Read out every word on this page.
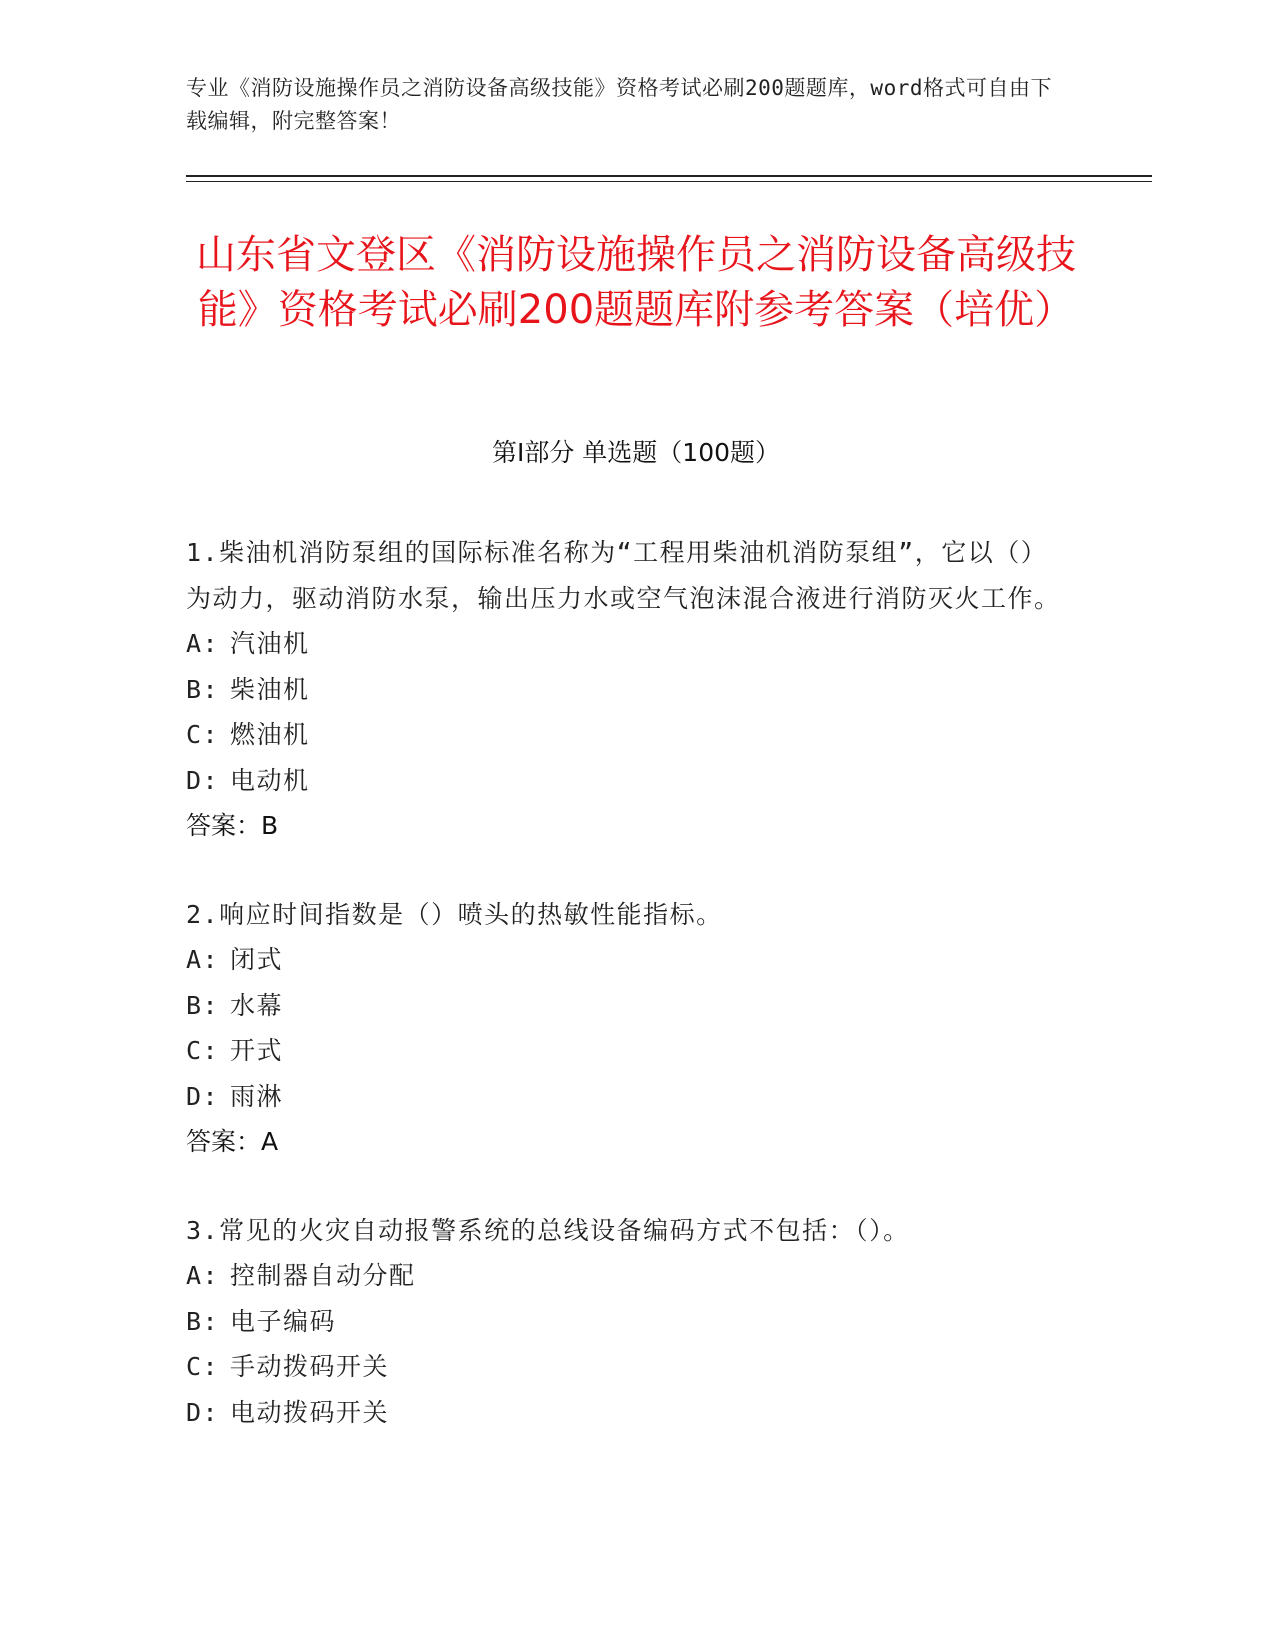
专业《消防设施操作员之消防设备高级技能》资格考试必刷200题题库，word格式可自由下载编辑，附完整答案！
山东省文登区《消防设施操作员之消防设备高级技能》资格考试必刷200题题库附参考答案（培优）
第Ⅰ部分 单选题（100题）
1.柴油机消防泵组的国际标准名称为“工程用柴油机消防泵组”，它以（）为动力，驱动消防水泵，输出压力水或空气泡沫混合液进行消防灭火工作。
A: 汽油机
B: 柴油机
C: 燃油机
D: 电动机
答案：B
2.响应时间指数是（）喷头的热敏性能指标。
A: 闭式
B: 水幕
C: 开式
D: 雨淋
答案：A
3.常见的火灾自动报警系统的总线设备编码方式不包括：（）。
A: 控制器自动分配
B: 电子编码
C: 手动拨码开关
D: 电动拨码开关
